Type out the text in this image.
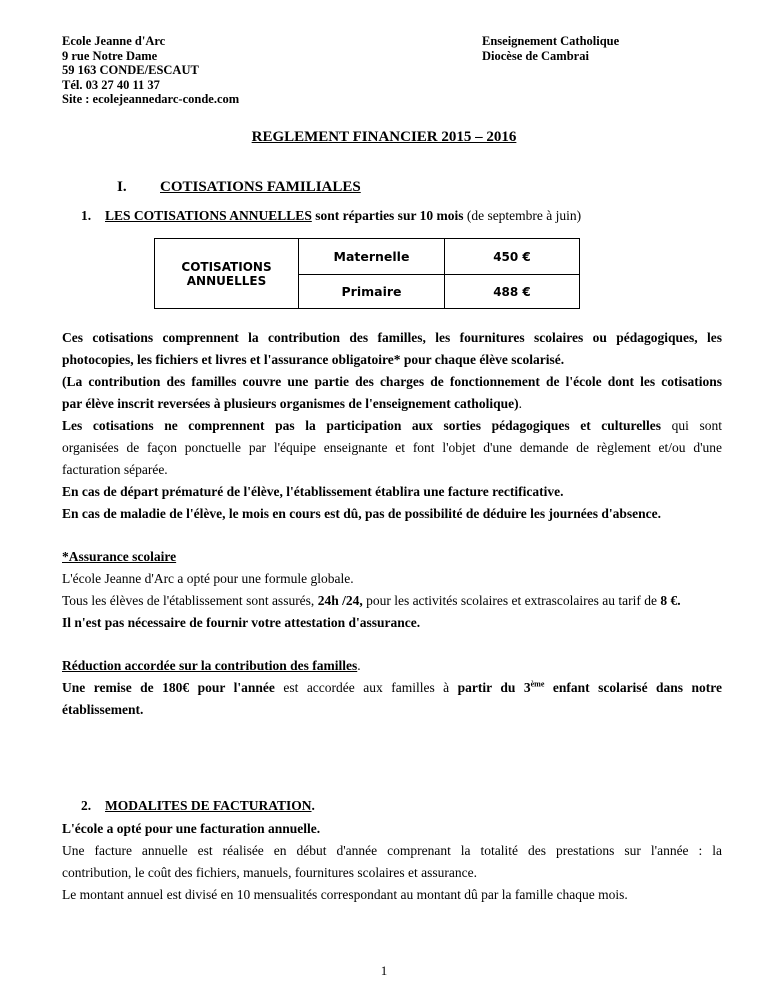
Ecole Jeanne d'Arc
9 rue Notre Dame
59 163 CONDE/ESCAUT
Tél. 03 27 40 11 37
Site : ecolejeannedarc-conde.com
Enseignement Catholique
Diocèse de Cambrai
REGLEMENT FINANCIER 2015 – 2016
I. COTISATIONS FAMILIALES
1. LES COTISATIONS ANNUELLES sont réparties sur 10 mois (de septembre à juin)
COTISATIONS
ANNUELLES
Maternelle	450 €
Primaire	488 €
Ces cotisations comprennent la contribution des familles, les fournitures scolaires ou pédagogiques, les
photocopies, les fichiers et livres et l'assurance obligatoire* pour chaque élève scolarisé.
(La contribution des familles couvre une partie des charges de fonctionnement de l'école dont les cotisations
par élève inscrit reversées à plusieurs organismes de l'enseignement catholique).
Les cotisations ne comprennent pas la participation aux sorties pédagogiques et culturelles qui sont
organisées de façon ponctuelle par l'équipe enseignante et font l'objet d'une demande de règlement et/ou d'une
facturation séparée.
En cas de départ prématuré de l'élève, l'établissement établira une facture rectificative.
En cas de maladie de l'élève, le mois en cours est dû, pas de possibilité de déduire les journées d'absence.
*Assurance scolaire
L'école Jeanne d'Arc a opté pour une formule globale.
Tous les élèves de l'établissement sont assurés, 24h /24, pour les activités scolaires et extrascolaires au tarif de 8 €.
Il n'est pas nécessaire de fournir votre attestation d'assurance.
Réduction accordée sur la contribution des familles.
Une remise de 180€ pour l'année est accordée aux familles à partir du 3ème enfant scolarisé dans notre
établissement.
2. MODALITES DE FACTURATION.
L'école a opté pour une facturation annuelle.
Une facture annuelle est réalisée en début d'année comprenant la totalité des prestations sur l'année : la
contribution, le coût des fichiers, manuels, fournitures scolaires et assurance.
Le montant annuel est divisé en 10 mensualités correspondant au montant dû par la famille chaque mois.
1
